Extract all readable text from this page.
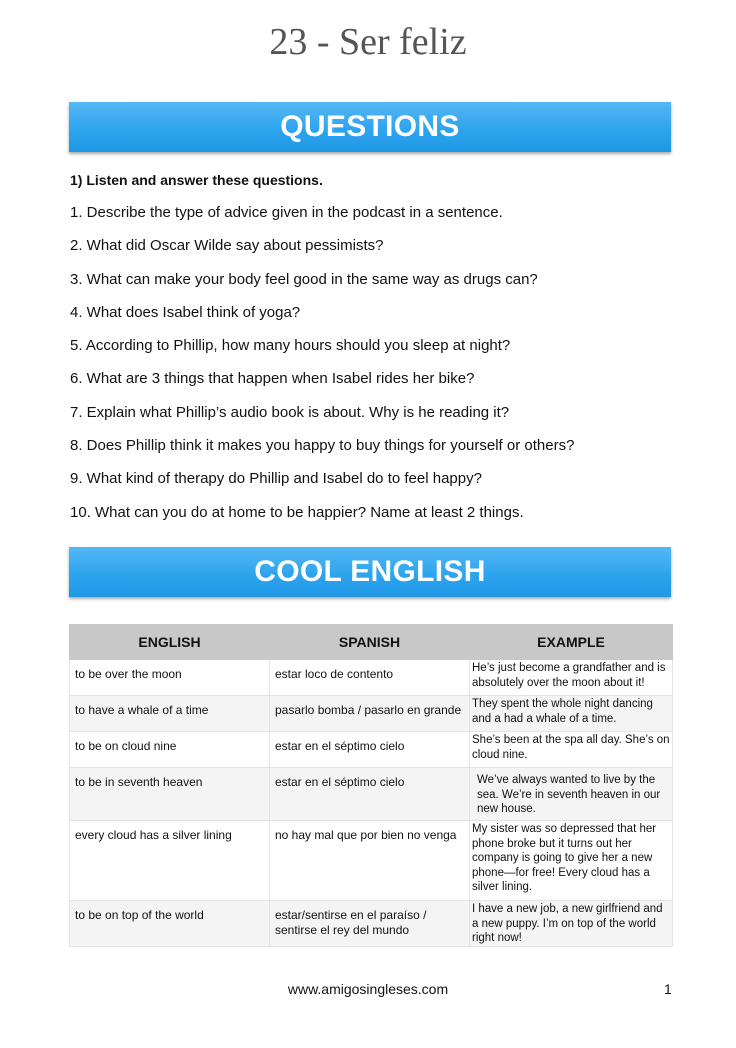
23 - Ser feliz
QUESTIONS
1) Listen and answer these questions.
1. Describe the type of advice given in the podcast in a sentence.
2. What did Oscar Wilde say about pessimists?
3. What can make your body feel good in the same way as drugs can?
4. What does Isabel think of yoga?
5. According to Phillip, how many hours should you sleep at night?
6. What are 3 things that happen when Isabel rides her bike?
7. Explain what Phillip’s audio book is about. Why is he reading it?
8. Does Phillip think it makes you happy to buy things for yourself or others?
9. What kind of therapy do Phillip and Isabel do to feel happy?
10. What can you do at home to be happier? Name at least 2 things.
COOL ENGLISH
ENGLISH	SPANISH	EXAMPLE
to be over the moon	estar loco de contento	He’s just become a grandfather and is absolutely over the moon about it!
to have a whale of a time	pasarlo bomba / pasarlo en grande	They spent the whole night dancing and a had a whale of a time.
to be on cloud nine	estar en el séptimo cielo	She’s been at the spa all day. She’s on cloud nine.
to be in seventh heaven	estar en el séptimo cielo	We’ve always wanted to live by the sea. We’re in seventh heaven in our new house.
every cloud has a silver lining	no hay mal que por bien no venga	My sister was so depressed that her phone broke but it turns out her company is going to give her a new phone—for free! Every cloud has a silver lining.
to be on top of the world	estar/sentirse en el paraíso / sentirse el rey del mundo	I have a new job, a new girlfriend and a new puppy. I’m on top of the world right now!
www.amigosingleses.com	1
